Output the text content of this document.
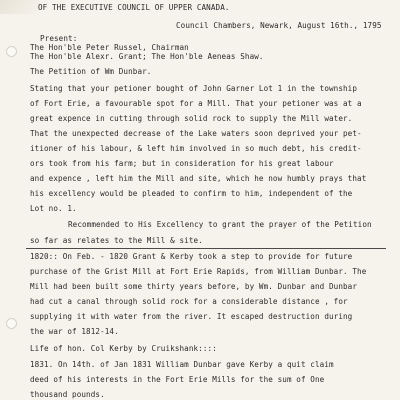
OF THE EXECUTIVE COUNCIL OF UPPER CANADA.
Council Chambers, Newark, August 16th., 1795
Present:
The Hon'ble Peter Russel, Chairman
The Hon'ble Alexr. Grant; The Hon'ble Aeneas Shaw.
The Petition of Wm Dunbar.
Stating that your petioner bought of John Garner Lot 1 in the township
of Fort Erie, a favourable spot for a Mill. That your petioner was at a
great expence in cutting through solid rock to supply the Mill water.
That the unexpected decrease of the Lake waters soon deprived your pet-
itioner of his labour, & left him involved in so much debt, his credit-
ors took from his farm; but in consideration for his great labour
and expence , left him the Mill and site, which he now humbly prays that
his excellency would be pleaded to confirm to him, independent of the
Lot no. 1.
Recommended to His Excellency to grant the prayer of the Petition
so far as relates to the Mill & site.
1820:: On Feb. - 1820 Grant & Kerby took a step to provide for future
purchase of the Grist Mill at Fort Erie Rapids, from William Dunbar. The
Mill had been built some thirty years before, by Wm. Dunbar and Dunbar
had cut a canal through solid rock for a considerable distance , for
supplying it with water from the river. It escaped destruction during
the war of 1812-14.
Life of hon. Col Kerby by Cruikshank::::
1831. On 14th. of Jan 1831 William Dunbar gave Kerby a quit claim
deed of his interests in the Fort Erie Mills for the sum of One
thousand pounds.
